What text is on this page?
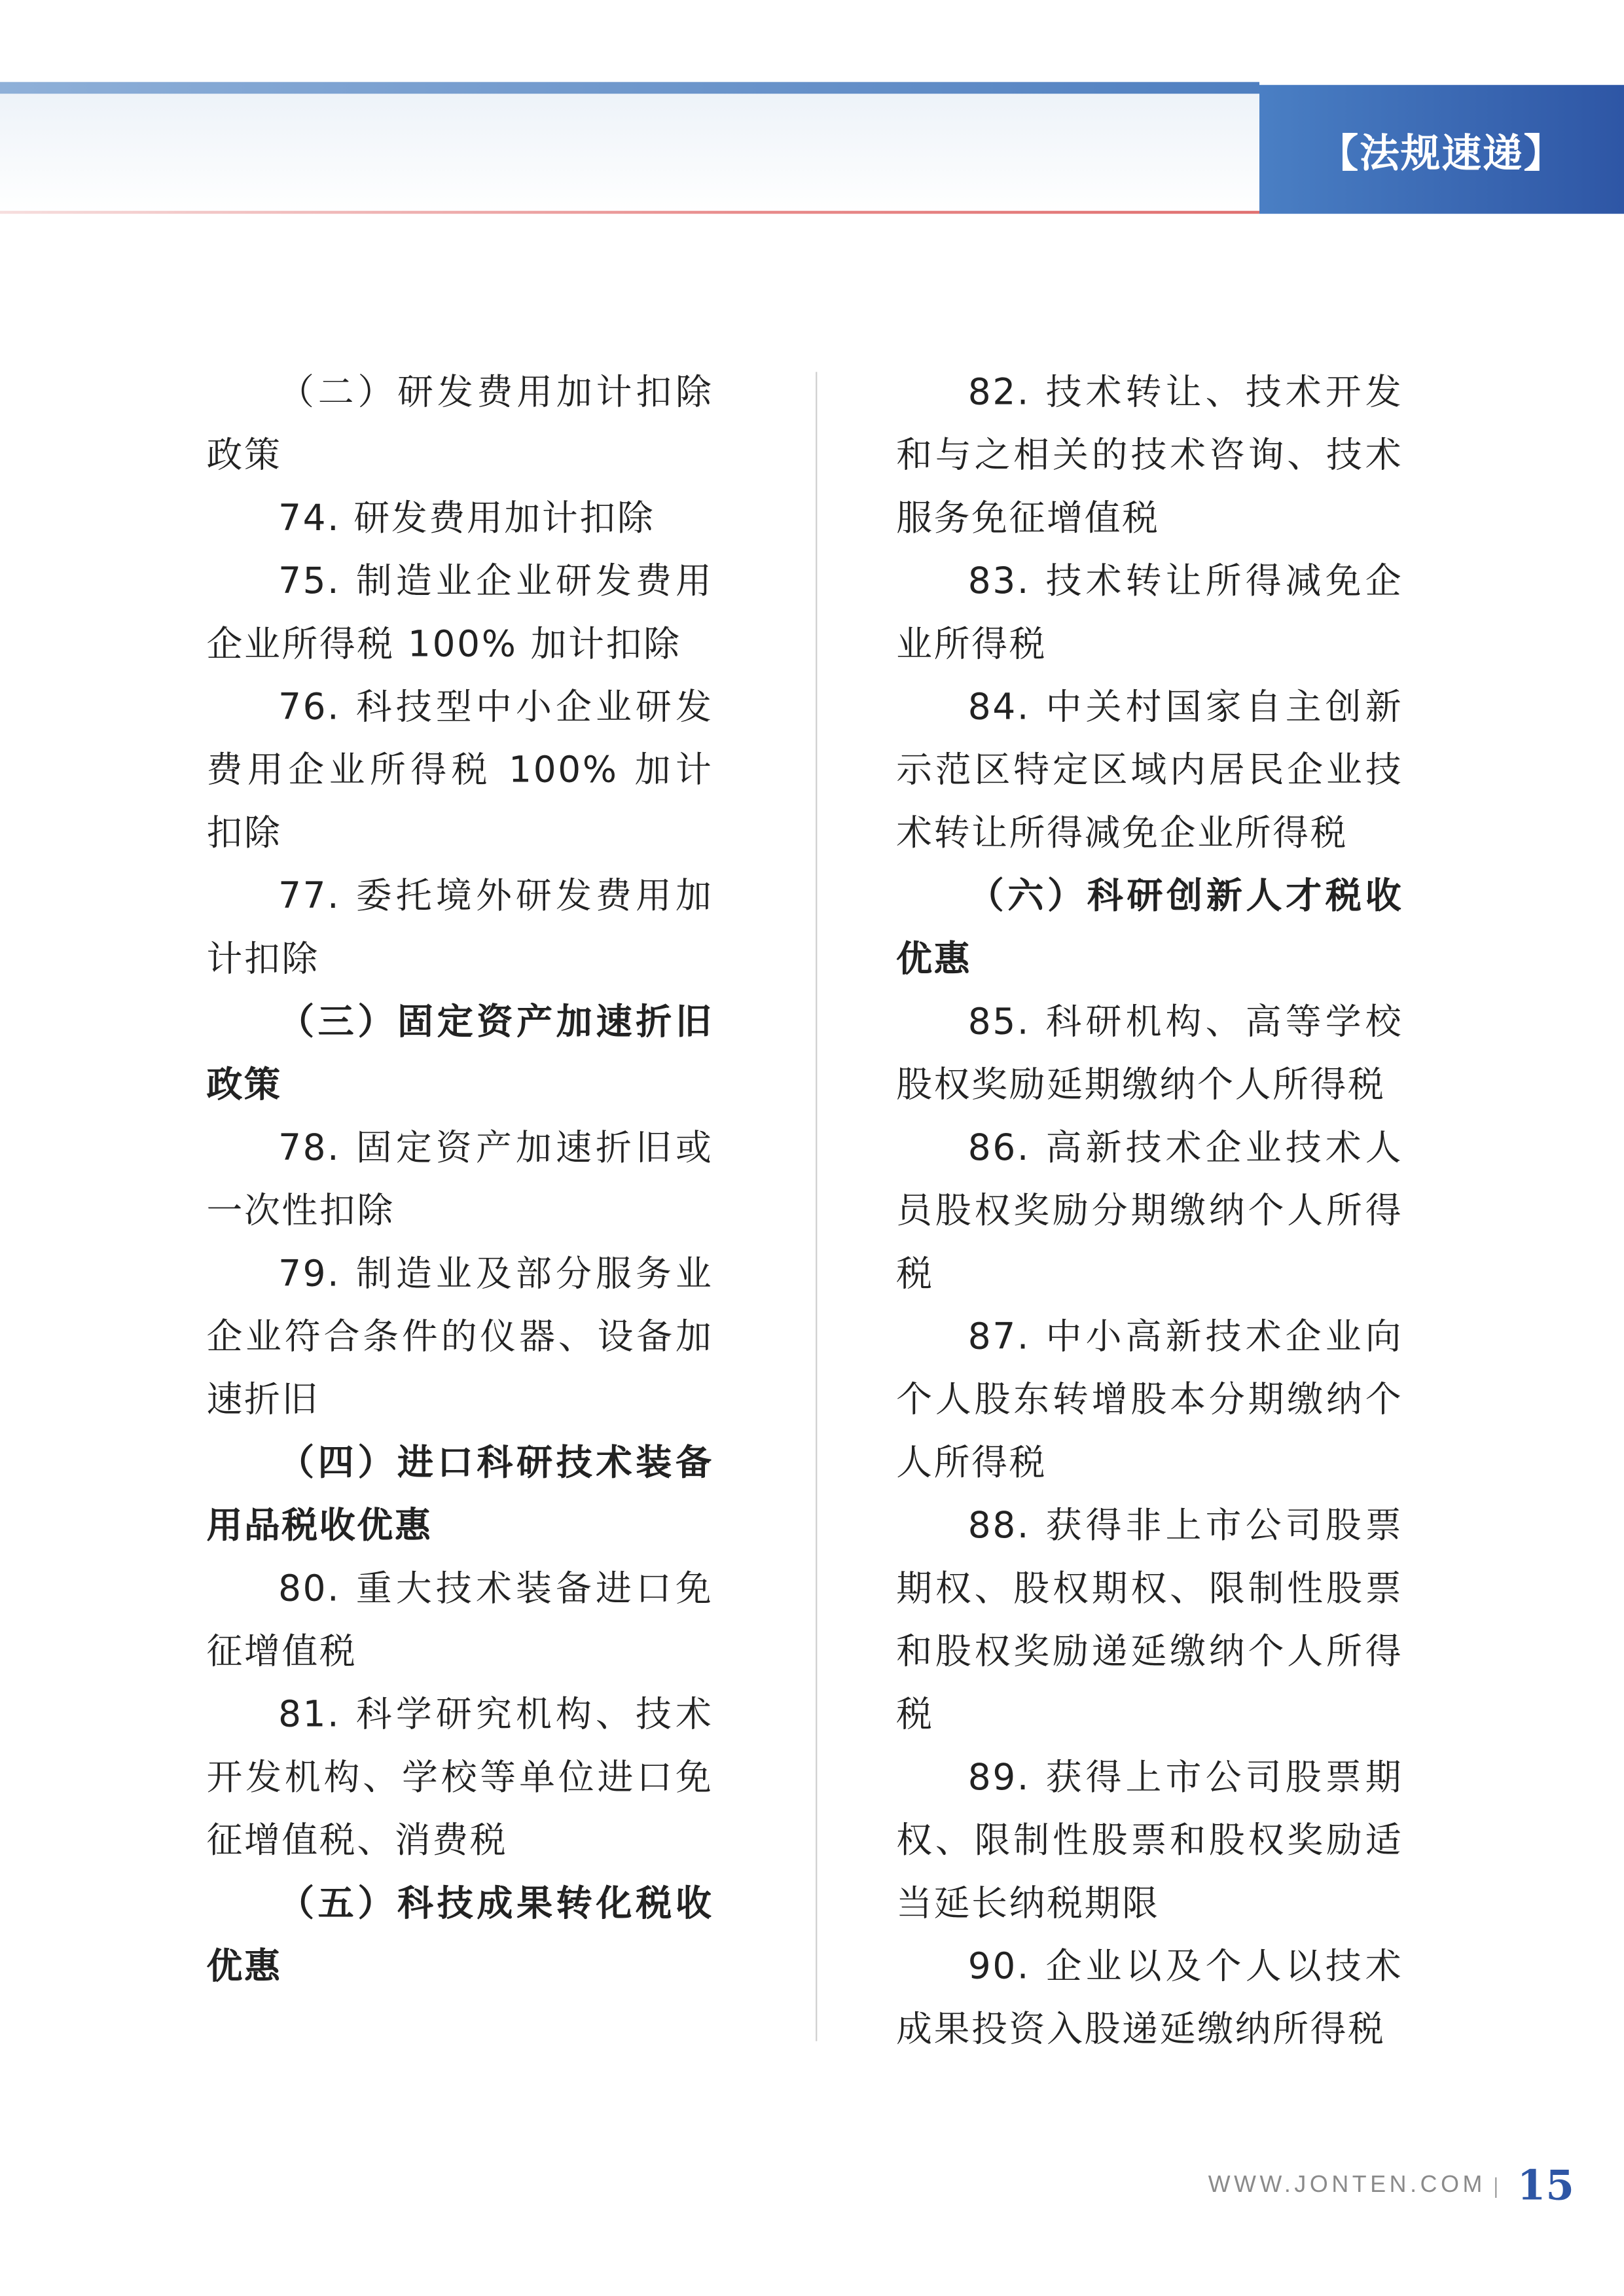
【法规速递】

（二）研发费用加计扣除政策

74. 研发费用加计扣除

75. 制造业企业研发费用企业所得税 100% 加计扣除

76. 科技型中小企业研发费用企业所得税 100% 加计扣除

77. 委托境外研发费用加计扣除

（三）固定资产加速折旧政策

78. 固定资产加速折旧或一次性扣除

79. 制造业及部分服务业企业符合条件的仪器、设备加速折旧

（四）进口科研技术装备用品税收优惠

80. 重大技术装备进口免征增值税

81. 科学研究机构、技术开发机构、学校等单位进口免征增值税、消费税

（五）科技成果转化税收优惠

82. 技术转让、技术开发和与之相关的技术咨询、技术服务免征增值税

83. 技术转让所得减免企业所得税

84. 中关村国家自主创新示范区特定区域内居民企业技术转让所得减免企业所得税

（六）科研创新人才税收优惠

85. 科研机构、高等学校股权奖励延期缴纳个人所得税

86. 高新技术企业技术人员股权奖励分期缴纳个人所得税

87. 中小高新技术企业向个人股东转增股本分期缴纳个人所得税

88. 获得非上市公司股票期权、股权期权、限制性股票和股权奖励递延缴纳个人所得税

89. 获得上市公司股票期权、限制性股票和股权奖励适当延长纳税期限

90. 企业以及个人以技术成果投资入股递延缴纳所得税

WWW.JONTEN.COM 15
